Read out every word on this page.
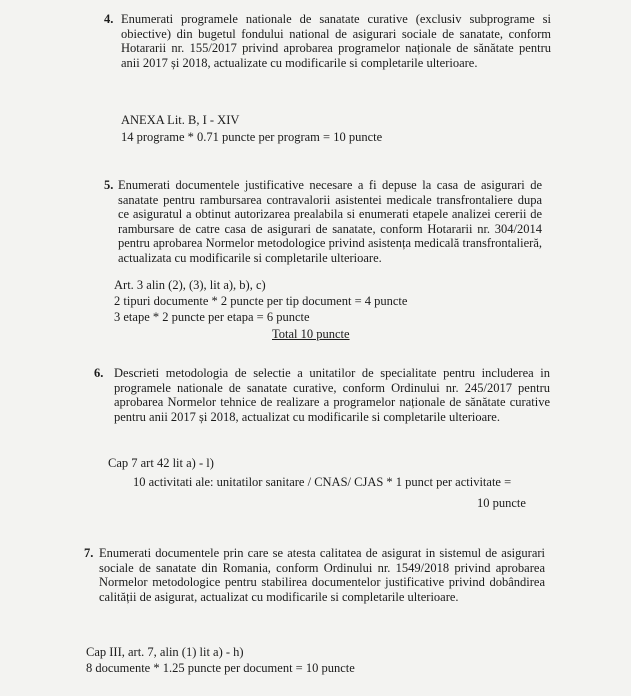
4. Enumerati programele nationale de sanatate curative (exclusiv subprograme si obiective) din bugetul fondului national de asigurari sociale de sanatate, conform Hotararii nr. 155/2017 privind aprobarea programelor naționale de sănătate pentru anii 2017 și 2018, actualizate cu modificarile si completarile ulterioare.
ANEXA Lit. B, I - XIV
14 programe * 0.71 puncte per program = 10 puncte
5. Enumerati documentele justificative necesare a fi depuse la casa de asigurari de sanatate pentru rambursarea contravalorii asistentei medicale transfrontaliere dupa ce asiguratul a obtinut autorizarea prealabila si enumerati etapele analizei cererii de rambursare de catre casa de asigurari de sanatate, conform Hotararii nr. 304/2014 pentru aprobarea Normelor metodologice privind asistența medicală transfrontalieră, actualizata cu modificarile si completarile ulterioare.
Art. 3 alin (2), (3), lit a), b), c)
2 tipuri documente * 2 puncte per tip document = 4 puncte
3 etape * 2 puncte per etapa = 6 puncte
Total 10 puncte
6. Descrieti metodologia de selectie a unitatilor de specialitate pentru includerea in programele nationale de sanatate curative, conform Ordinului nr. 245/2017 pentru aprobarea Normelor tehnice de realizare a programelor naționale de sănătate curative pentru anii 2017 și 2018, actualizat cu modificarile si completarile ulterioare.
Cap 7 art 42 lit a) - l)
10 activitati ale: unitatilor sanitare / CNAS/ CJAS * 1 punct per activitate =
10 puncte
7. Enumerati documentele prin care se atesta calitatea de asigurat in sistemul de asigurari sociale de sanatate din Romania, conform Ordinului nr. 1549/2018 privind aprobarea Normelor metodologice pentru stabilirea documentelor justificative privind dobândirea calității de asigurat, actualizat cu modificarile si completarile ulterioare.
Cap III, art. 7, alin (1) lit a) - h)
8 documente * 1.25 puncte per document = 10 puncte
